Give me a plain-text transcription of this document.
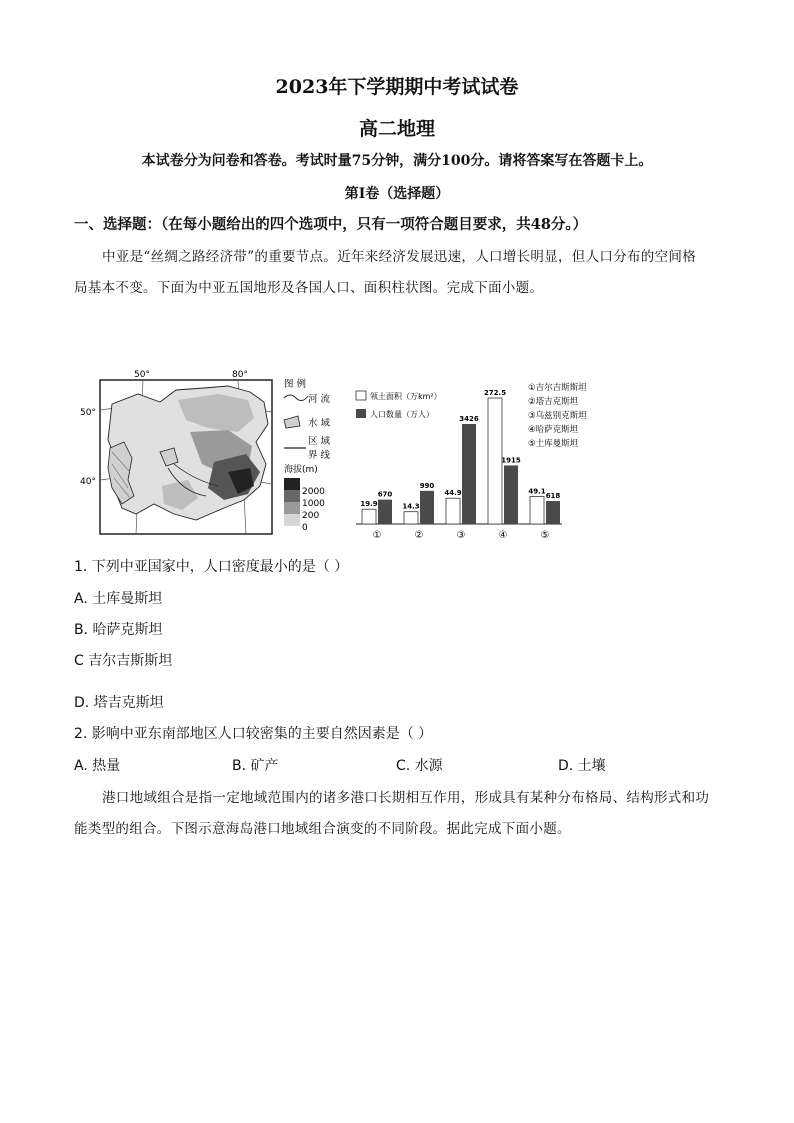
2023年下学期期中考试试卷
高二地理
本试卷分为问卷和答卷。考试时量75分钟，满分100分。请将答案写在答题卡上。
第Ⅰ卷（选择题）
一、选择题：（在每小题给出的四个选项中，只有一项符合题目要求，共48分。）
中亚是“丝绸之路经济带”的重要节点。近年来经济发展迅速，人口增长明显，但人口分布的空间格
局基本不变。下面为中亚五国地形及各国人口、面积柱状图。完成下面小题。
50°	80°
50°
40°
图 例
河 流
水 域
区 域
界 线
海拔(m)
2000
1000
200
0
领土面积（万km²）
人口数量（万人）
①吉尔吉斯斯坦
②塔吉克斯坦
③乌兹别克斯坦
④哈萨克斯坦
⑤土库曼斯坦
19.9
670
①
14.3
990
②
44.9
3426
③
272.5
1915
④
49.1
618
⑤
1. 下列中亚国家中，人口密度最小的是（ ）
A. 土库曼斯坦
B. 哈萨克斯坦
C 吉尔吉斯斯坦
D. 塔吉克斯坦
2. 影响中亚东南部地区人口较密集的主要自然因素是（ ）
A. 热量	B. 矿产	C. 水源	D. 土壤
港口地域组合是指一定地域范围内的诸多港口长期相互作用，形成具有某种分布格局、结构形式和功
能类型的组合。下图示意海岛港口地域组合演变的不同阶段。据此完成下面小题。
